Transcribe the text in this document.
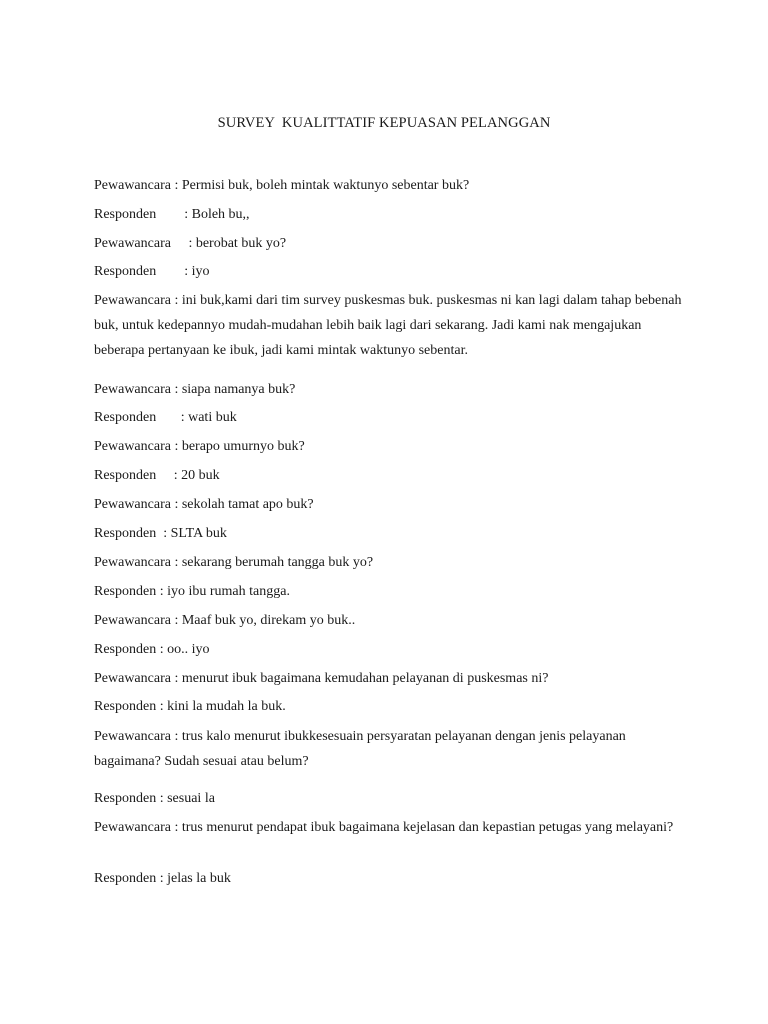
SURVEY  KUALITTATIF KEPUASAN PELANGGAN
Pewawancara : Permisi buk, boleh mintak waktunyo sebentar buk?
Responden        : Boleh bu,,
Pewawancara     : berobat buk yo?
Responden        : iyo
Pewawancara : ini buk,kami dari tim survey puskesmas buk. puskesmas ni kan lagi dalam tahap bebenah buk, untuk kedepannyo mudah-mudahan lebih baik lagi dari sekarang. Jadi kami nak mengajukan beberapa pertanyaan ke ibuk, jadi kami mintak waktunyo sebentar.
Pewawancara : siapa namanya buk?
Responden       : wati buk
Pewawancara : berapo umurnyo buk?
Responden     : 20 buk
Pewawancara : sekolah tamat apo buk?
Responden  : SLTA buk
Pewawancara : sekarang berumah tangga buk yo?
Responden : iyo ibu rumah tangga.
Pewawancara : Maaf buk yo, direkam yo buk..
Responden : oo.. iyo
Pewawancara : menurut ibuk bagaimana kemudahan pelayanan di puskesmas ni?
Responden : kini la mudah la buk.
Pewawancara : trus kalo menurut ibukkesesuain persyaratan pelayanan dengan jenis pelayanan bagaimana? Sudah sesuai atau belum?
Responden : sesuai la
Pewawancara : trus menurut pendapat ibuk bagaimana kejelasan dan kepastian petugas yang melayani?
Responden : jelas la buk
